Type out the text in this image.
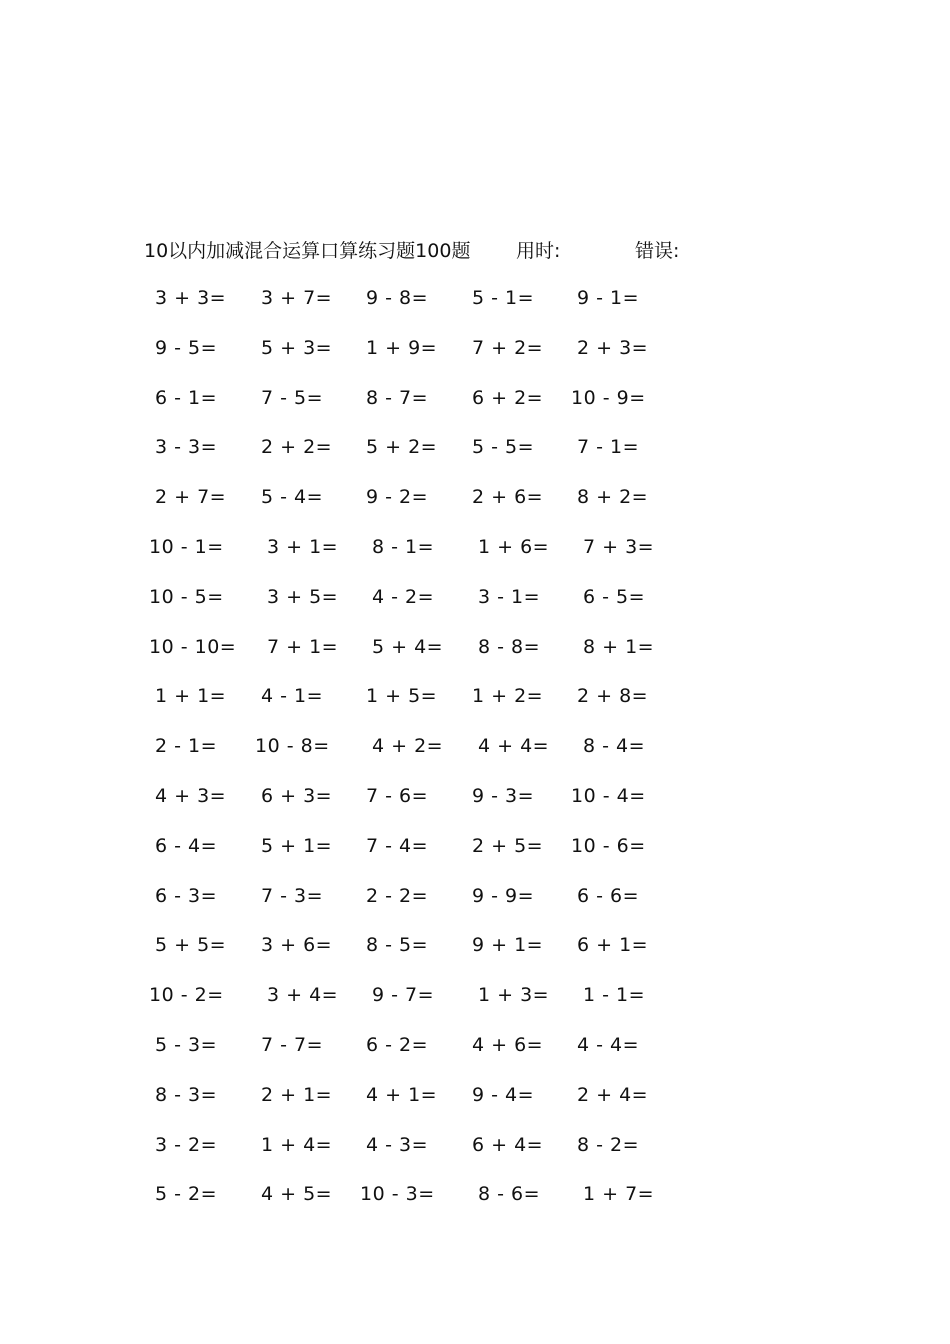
10以内加减混合运算口算练习题100题 用时:	错误:
3 + 3= 3 + 7= 9 - 8= 5 - 1= 9 - 1=
9 - 5= 5 + 3= 1 + 9= 7 + 2= 2 + 3=
6 - 1= 7 - 5= 8 - 7= 6 + 2= 10 - 9=
3 - 3= 2 + 2= 5 + 2= 5 - 5= 7 - 1=
2 + 7= 5 - 4= 9 - 2= 2 + 6= 8 + 2=
10 - 1= 3 + 1= 8 - 1= 1 + 6= 7 + 3=
10 - 5= 3 + 5= 4 - 2= 3 - 1= 6 - 5=
10 - 10= 7 + 1= 5 + 4= 8 - 8= 8 + 1=
1 + 1= 4 - 1= 1 + 5= 1 + 2= 2 + 8=
2 - 1= 10 - 8= 4 + 2= 4 + 4= 8 - 4=
4 + 3= 6 + 3= 7 - 6= 9 - 3= 10 - 4=
6 - 4= 5 + 1= 7 - 4= 2 + 5= 10 - 6=
6 - 3= 7 - 3= 2 - 2= 9 - 9= 6 - 6=
5 + 5= 3 + 6= 8 - 5= 9 + 1= 6 + 1=
10 - 2= 3 + 4= 9 - 7= 1 + 3= 1 - 1=
5 - 3= 7 - 7= 6 - 2= 4 + 6= 4 - 4=
8 - 3= 2 + 1= 4 + 1= 9 - 4= 2 + 4=
3 - 2= 1 + 4= 4 - 3= 6 + 4= 8 - 2=
5 - 2= 4 + 5= 10 - 3= 8 - 6= 1 + 7=
